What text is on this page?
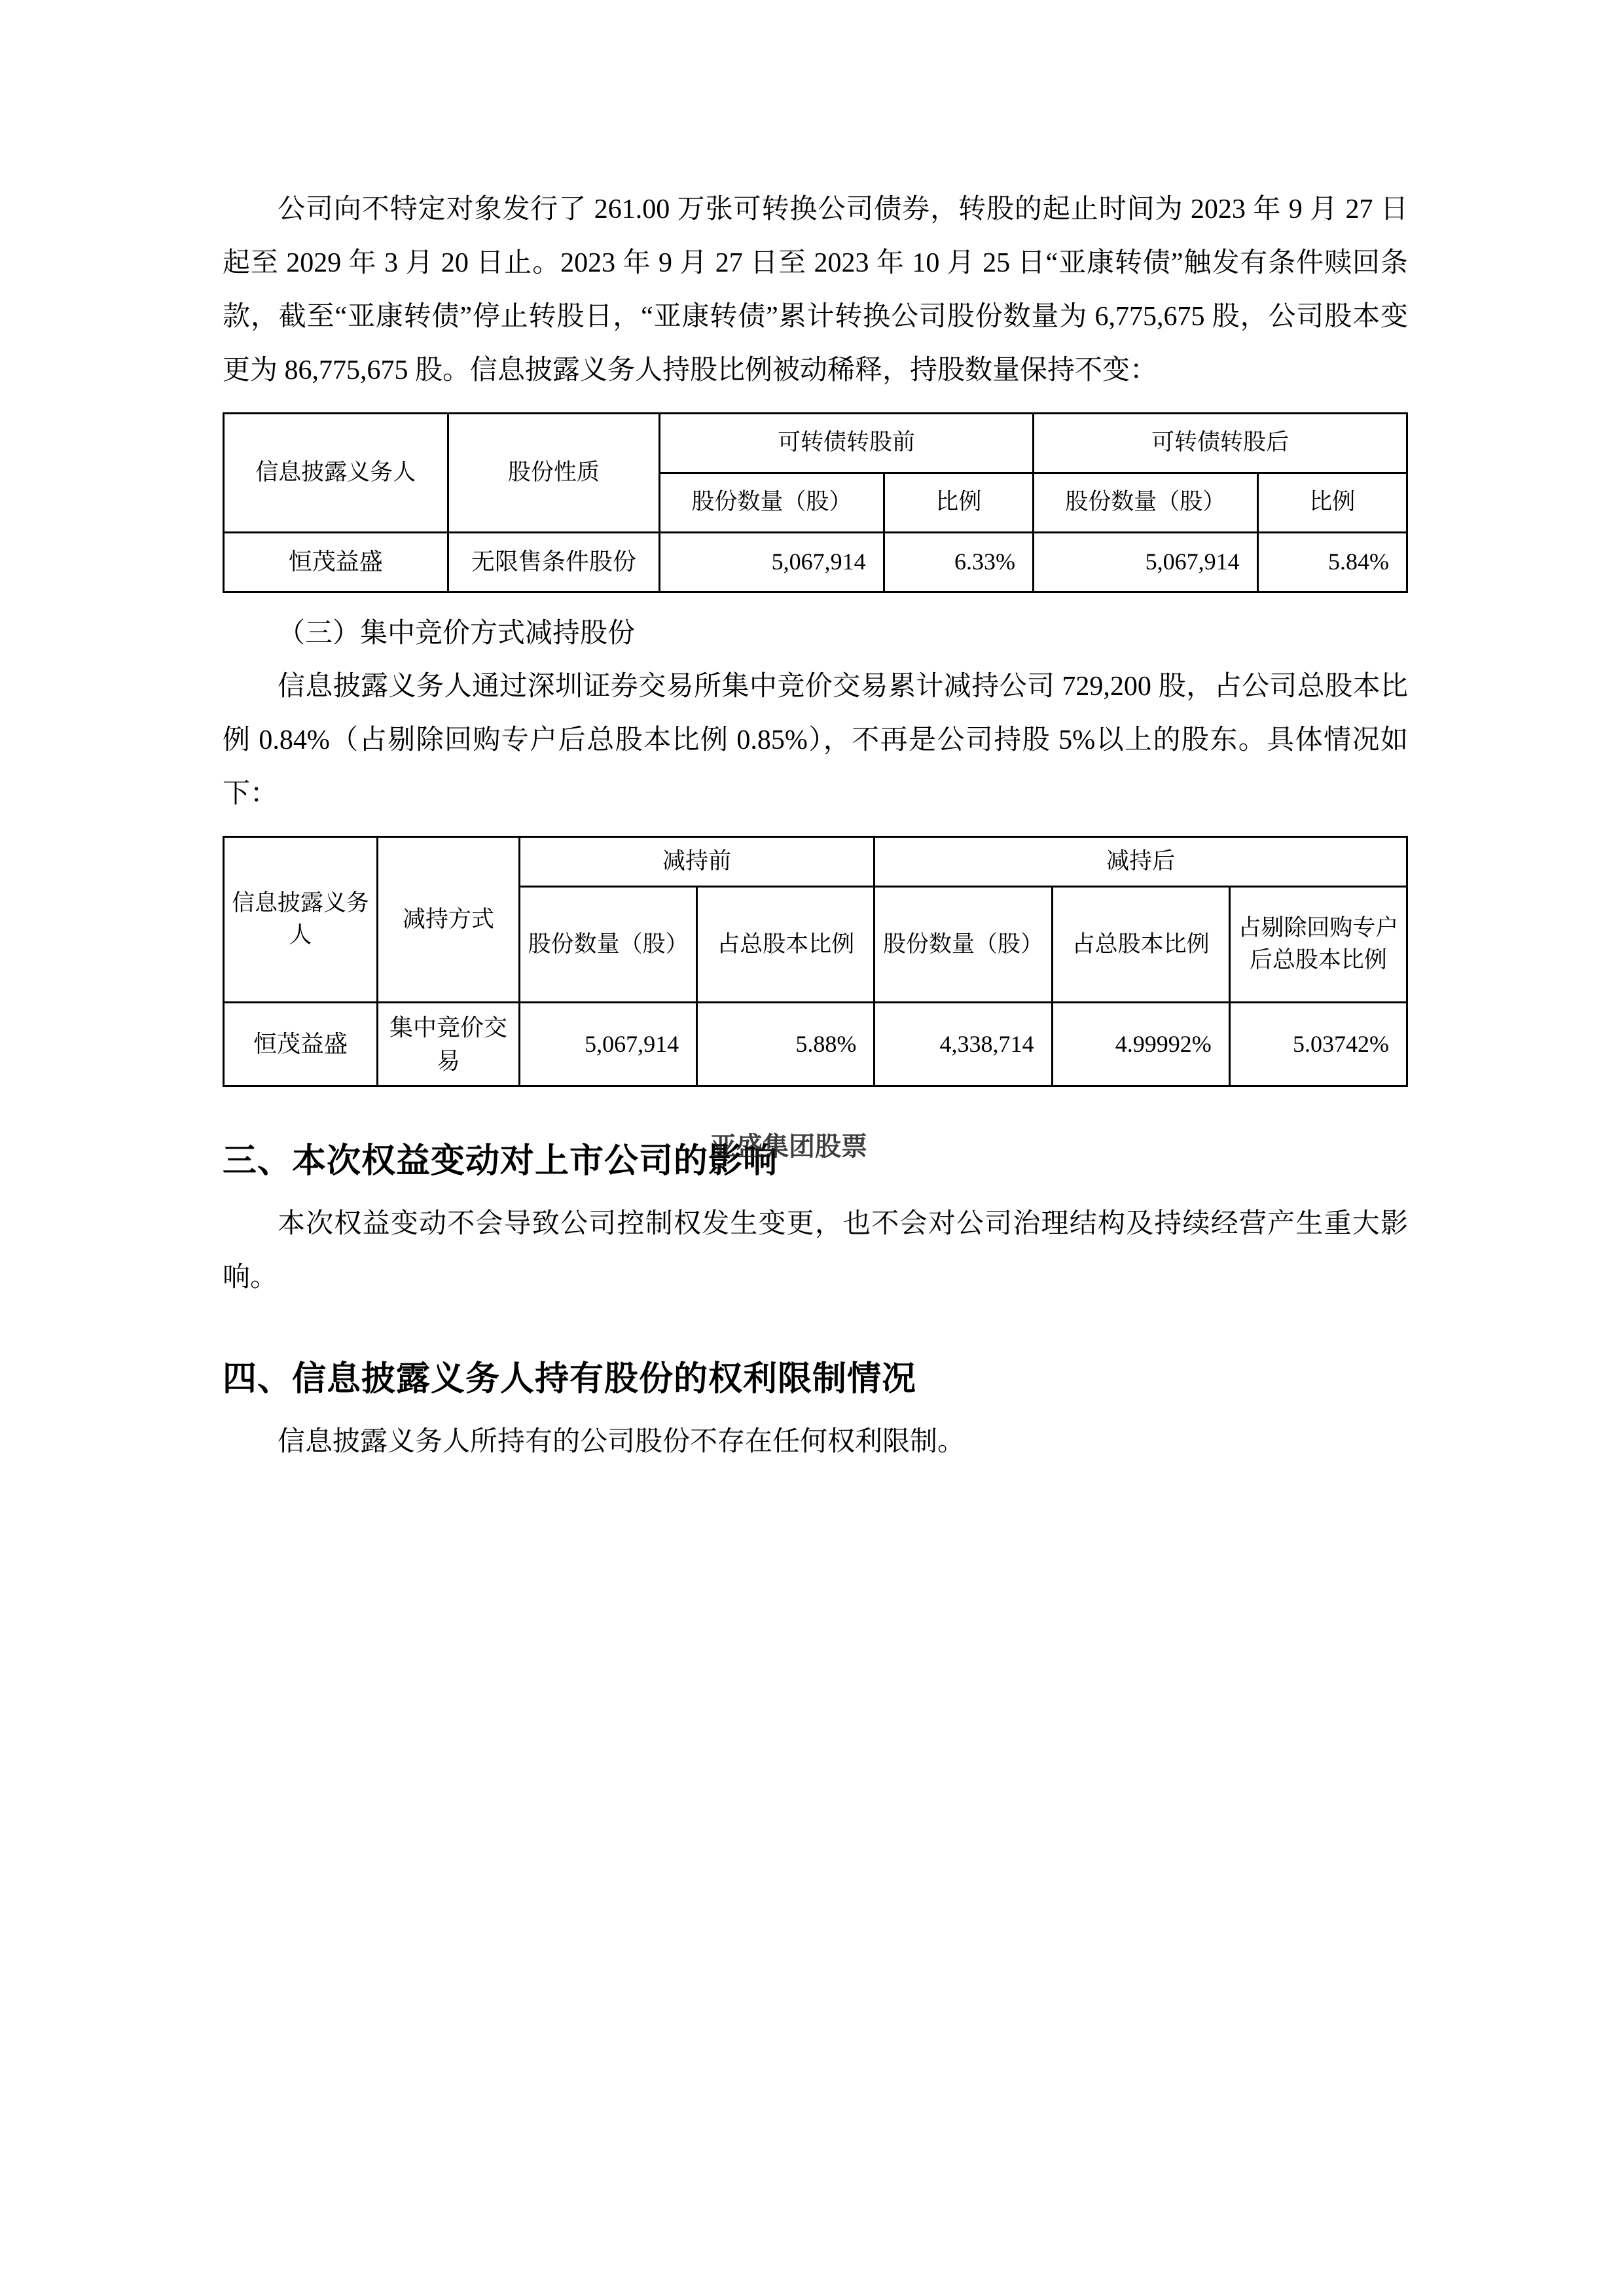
公司向不特定对象发行了 261.00 万张可转换公司债券，转股的起止时间为 2023 年 9 月 27 日起至 2029 年 3 月 20 日止。2023 年 9 月 27 日至 2023 年 10 月 25 日“亚康转债”触发有条件赎回条款，截至“亚康转债”停止转股日，“亚康转债”累计转换公司股份数量为 6,775,675 股，公司股本变更为 86,775,675 股。信息披露义务人持股比例被动稀释，持股数量保持不变：

信息披露义务人	股份性质	可转债转股前		可转债转股后	
		股份数量（股）	比例	股份数量（股）	比例
恒茂益盛	无限售条件股份	5,067,914	6.33%	5,067,914	5.84%

（三）集中竞价方式减持股份

信息披露义务人通过深圳证券交易所集中竞价交易累计减持公司 729,200 股，占公司总股本比例 0.84%（占剔除回购专户后总股本比例 0.85%），不再是公司持股 5%以上的股东。具体情况如下：

信息披露义务人	减持方式	减持前		减持后		
		股份数量（股）	占总股本比例	股份数量（股）	占总股本比例	占剔除回购专户后总股本比例
恒茂益盛	集中竞价交易	5,067,914	5.88%	4,338,714	4.99992%	5.03742%
三、本次权益变动对上市公司的影响

本次权益变动不会导致公司控制权发生变更，也不会对公司治理结构及持续经营产生重大影响。

四、信息披露义务人持有股份的权利限制情况

信息披露义务人所持有的公司股份不存在任何权利限制。

亚盛集团股票
